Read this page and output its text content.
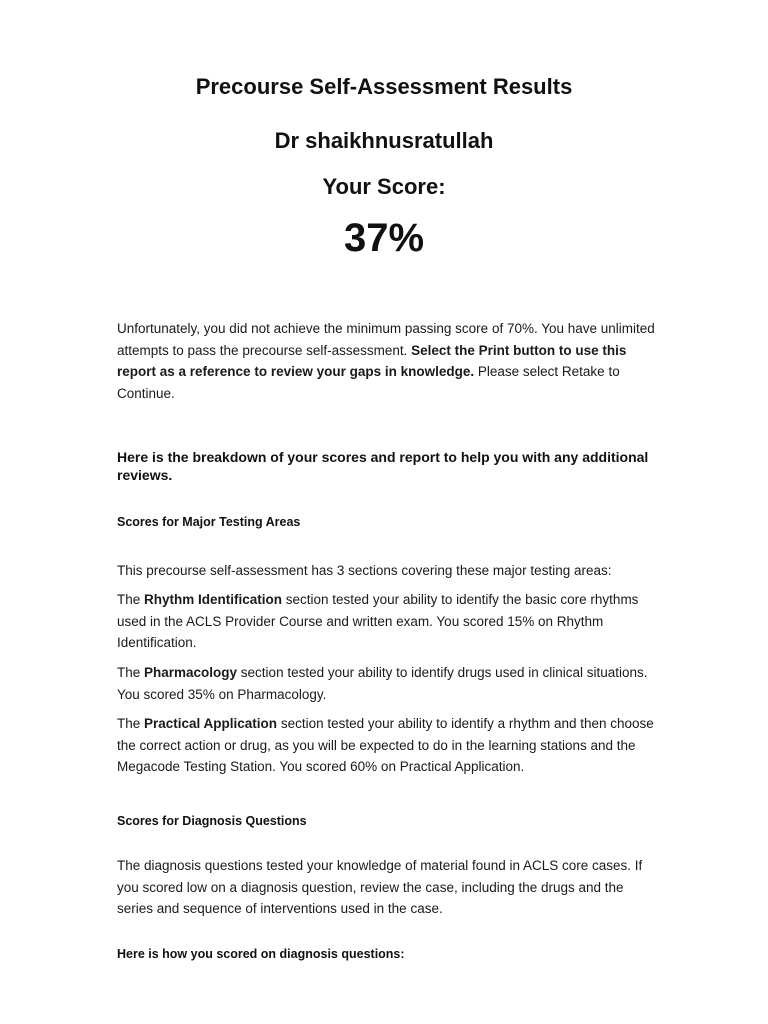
Precourse Self-Assessment Results
Dr shaikhnusratullah
Your Score:
37%
Unfortunately, you did not achieve the minimum passing score of 70%. You have unlimited attempts to pass the precourse self-assessment. Select the Print button to use this report as a reference to review your gaps in knowledge. Please select Retake to Continue.
Here is the breakdown of your scores and report to help you with any additional reviews.
Scores for Major Testing Areas
This precourse self-assessment has 3 sections covering these major testing areas:
The Rhythm Identification section tested your ability to identify the basic core rhythms used in the ACLS Provider Course and written exam. You scored 15% on Rhythm Identification.
The Pharmacology section tested your ability to identify drugs used in clinical situations. You scored 35% on Pharmacology.
The Practical Application section tested your ability to identify a rhythm and then choose the correct action or drug, as you will be expected to do in the learning stations and the Megacode Testing Station. You scored 60% on Practical Application.
Scores for Diagnosis Questions
The diagnosis questions tested your knowledge of material found in ACLS core cases. If you scored low on a diagnosis question, review the case, including the drugs and the series and sequence of interventions used in the case.
Here is how you scored on diagnosis questions:
